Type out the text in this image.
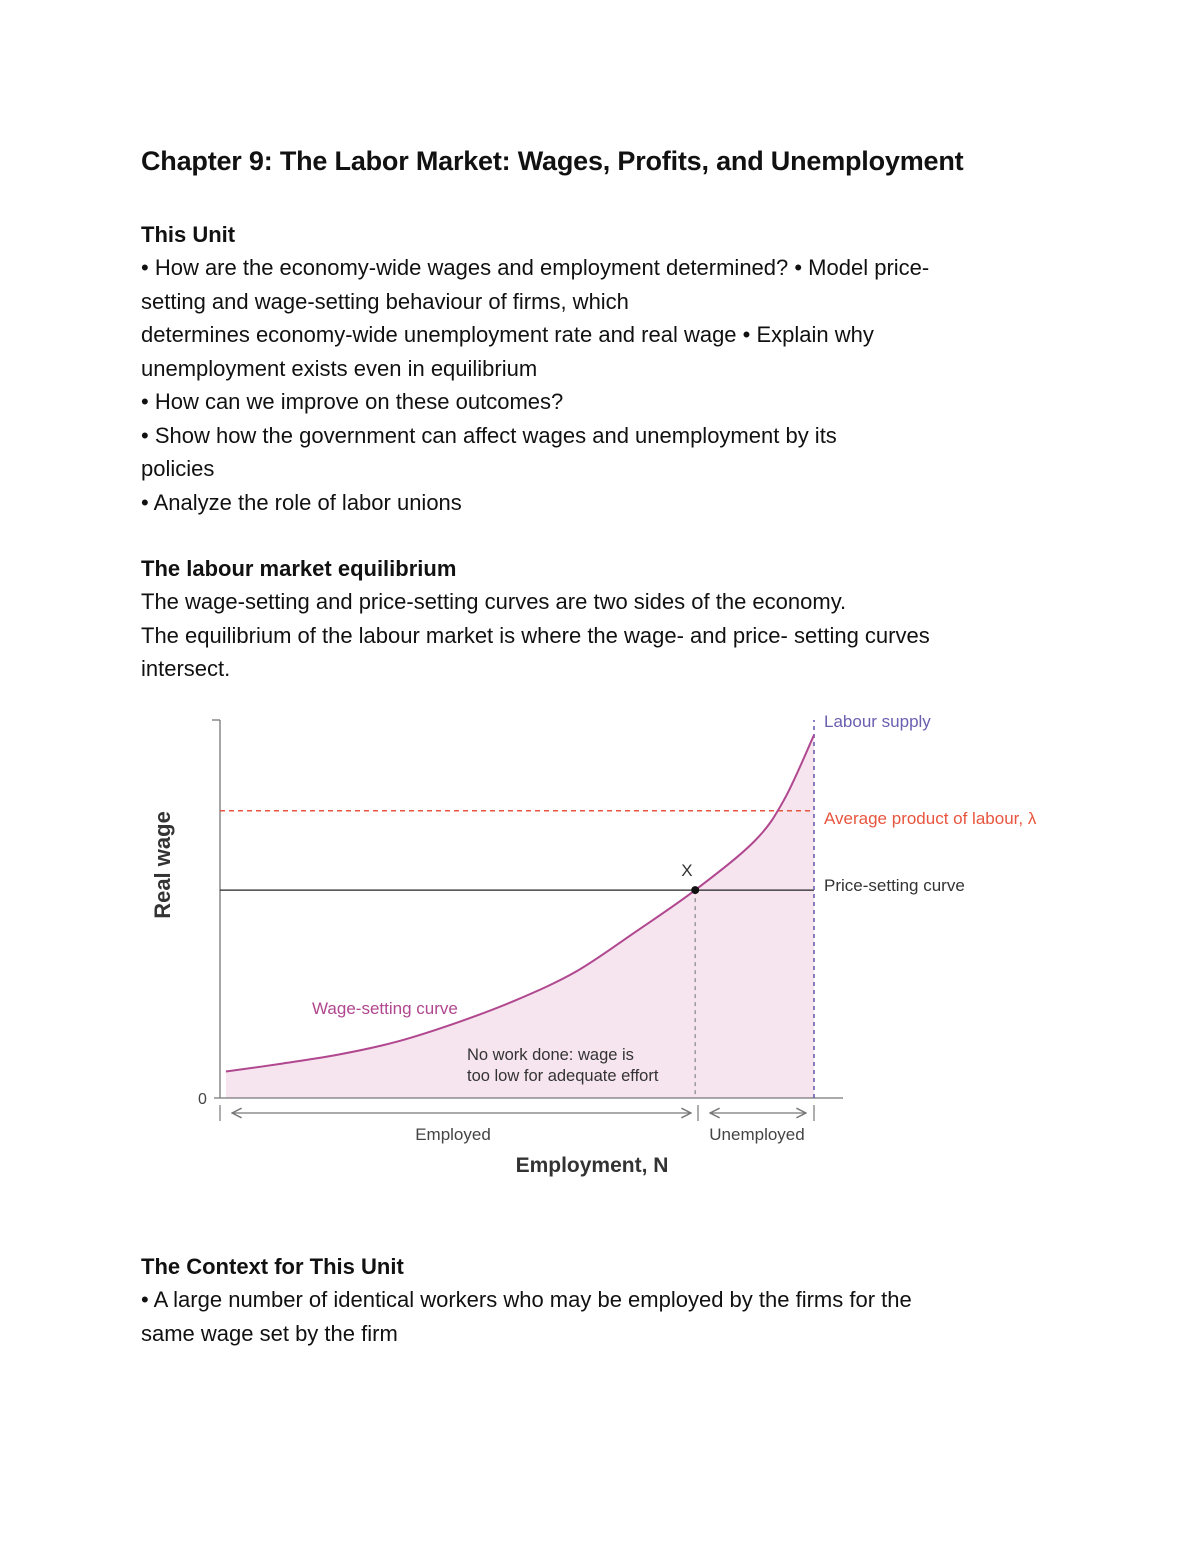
Chapter 9: The Labor Market: Wages, Profits, and Unemployment

This Unit

• How are the economy-wide wages and employment determined? • Model price-

setting and wage-setting behaviour of firms, which

determines economy-wide unemployment rate and real wage • Explain why

unemployment exists even in equilibrium

• How can we improve on these outcomes?

• Show how the government can affect wages and unemployment by its

policies

• Analyze the role of labor unions

The labour market equilibrium

The wage-setting and price-setting curves are two sides of the economy.

The equilibrium of the labour market is where the wage- and price- setting curves

intersect.

X
Real wage
0
Labour supply
Average product of labour, λ
Price-setting curve
Wage-setting curve
No work done: wage is
too low for adequate effort
Employed	Unemployed
Employment, N

The Context for This Unit

• A large number of identical workers who may be employed by the firms for the

same wage set by the firm
